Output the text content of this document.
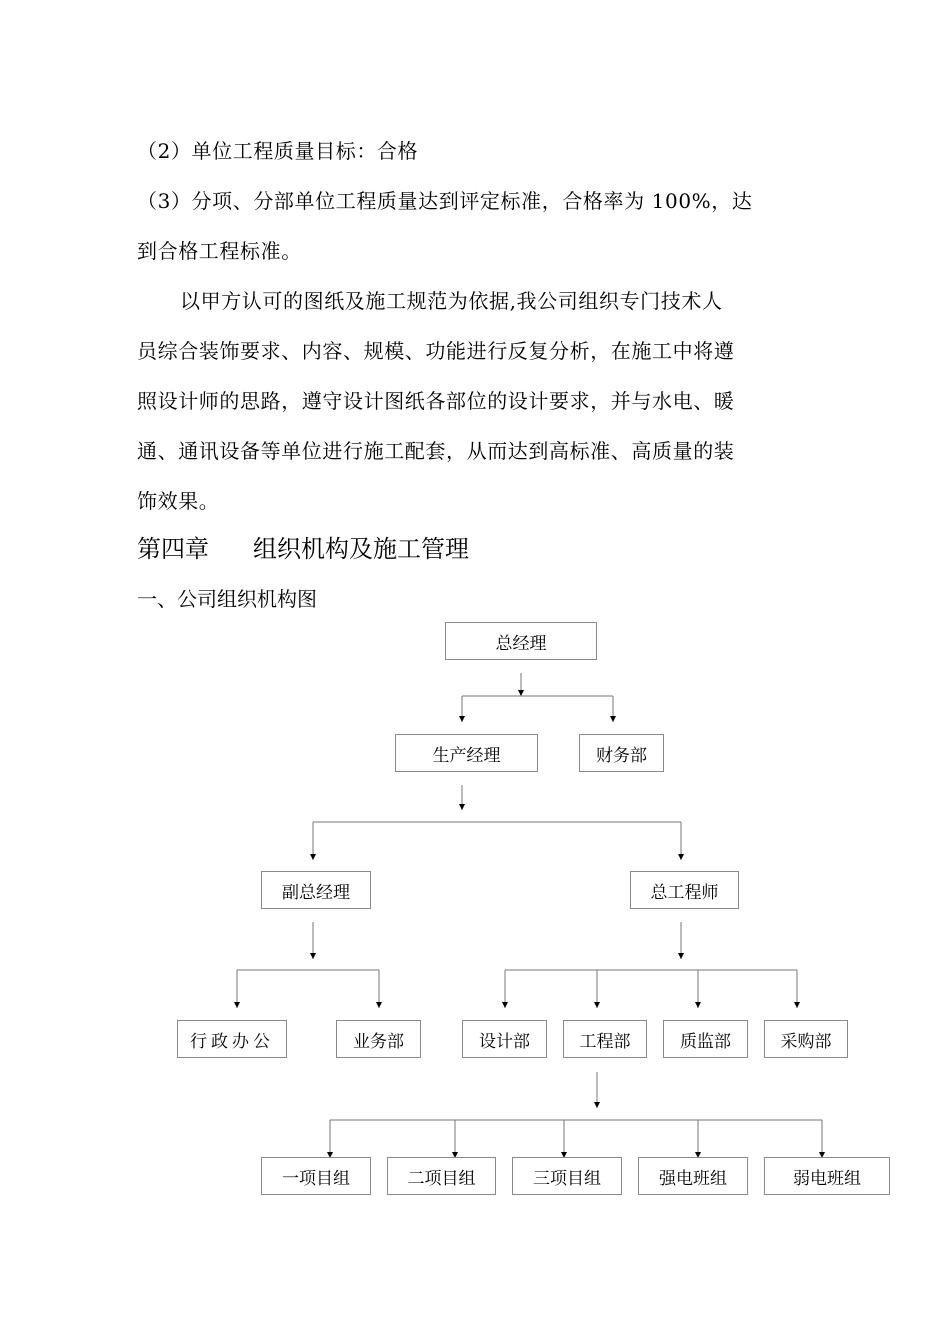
（2）单位工程质量目标：合格
（3）分项、分部单位工程质量达到评定标准，合格率为 100%，达
到合格工程标准。
以甲方认可的图纸及施工规范为依据,我公司组织专门技术人
员综合装饰要求、内容、规模、功能进行反复分析，在施工中将遵
照设计师的思路，遵守设计图纸各部位的设计要求，并与水电、暖
通、通讯设备等单位进行施工配套，从而达到高标准、高质量的装
饰效果。
第四章 组织机构及施工管理
一、公司组织机构图
总经理
生产经理	财务部
副总经理	总工程师
行政办公	业务部	设计部	工程部	质监部	采购部
一项目组	二项目组	三项目组	强电班组	弱电班组
